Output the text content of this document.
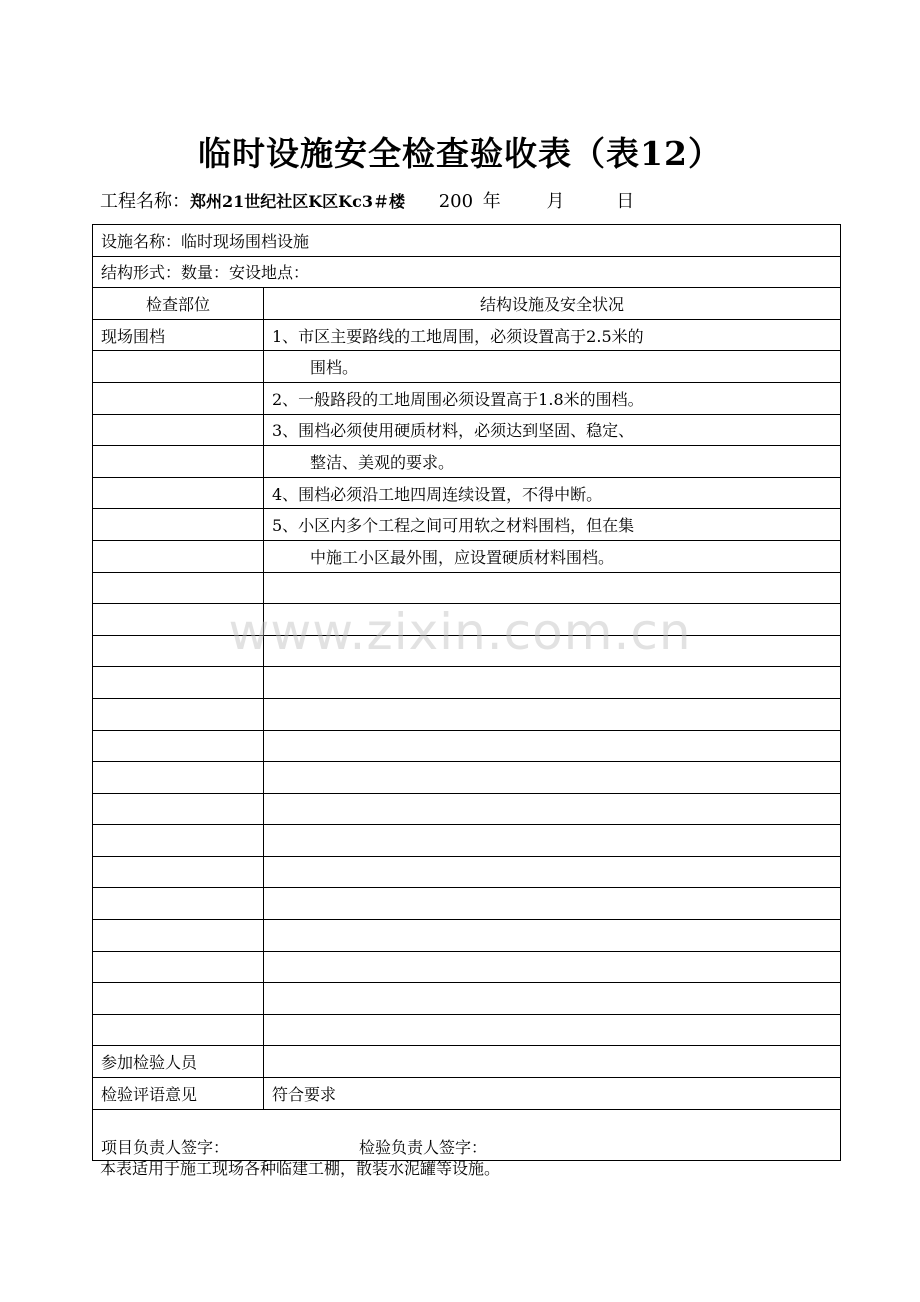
临时设施安全检查验收表（表12）
工程名称：郑州21世纪社区K区Kc3＃楼 200 年	月	日
设施名称：临时现场围档设施	
结构形式：数量：安设地点：	
检查部位	结构设施及安全状况
现场围档	1、市区主要路线的工地周围，必须设置高于2.5米的
	围档。
	2、一般路段的工地周围必须设置高于1.8米的围档。
	3、围档必须使用硬质材料，必须达到坚固、稳定、
	整洁、美观的要求。
	4、围档必须沿工地四周连续设置，不得中断。
	5、小区内多个工程之间可用软之材料围档，但在集
	中施工小区最外围，应设置硬质材料围档。

参加检验人员	
检验评语意见	符合要求
项目负责人签字： 检验负责人签字：	
本表适用于施工现场各种临建工棚，散装水泥罐等设施。
www.zixin.com.cn
